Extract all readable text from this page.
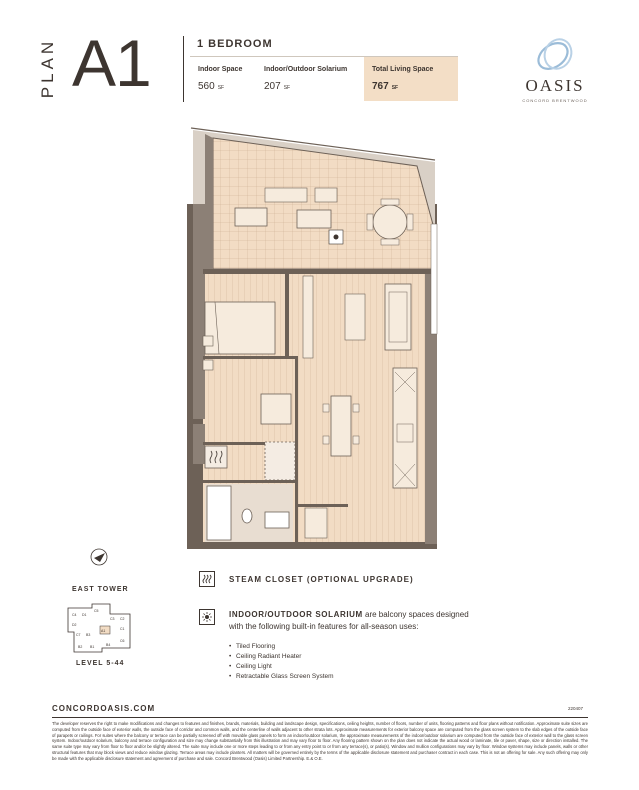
PLAN A1	1 BEDROOM
Indoor Space
560 SF
Indoor/Outdoor Solarium
207 SF
Total Living Space
767 SF	OASIS
CONCORD BRENTWOOD
EAST TOWER
C4 D1
C5
C3 C2
D2
C1
C7 B3
B2	B4
B1
C6
A1
LEVEL 5-44
STEAM CLOSET (OPTIONAL UPGRADE)
INDOOR/OUTDOOR SOLARIUM are balcony spaces designed with the following built-in features for all-season uses:
• Tiled Flooring
• Ceiling Radiant Heater
• Ceiling Light
• Retractable Glass Screen System
CONCORDOASIS.COM	220407
The developer reserves the right to make modifications and changes to features and finishes, brands, materials, building and landscape design, specifications, ceiling heights, number of floors, number of units, flooring patterns and floor plans without notification. Approximate suite sizes are computed from the outside face of exterior walls, the outside face of corridor and common walls, and the centerline of walls adjacent to other strata lots. Approximate measurements for exterior balcony space are computed from the glass screen system to the slab edges of the outside face of parapets or railings. For suites where the balcony or terrace can be partially screened off with movable glass panels to form an indoor/outdoor solarium, the approximate measurements of the indoor/outdoor solarium are computed from the outside face of exterior wall to the glass screen system. Indoor/outdoor solarium, balcony and terrace configuration and size may change substantially from this illustration and may vary floor to floor. Any flooring pattern shown on the plan does not indicate the actual wood or laminate, tile or paver, shape, size or direction installed. The same suite type may vary from floor to floor and/or be slightly altered. The suite may include one or more steps leading to or from any entry point to or from any terrace(s), or patio(s). Window and mullion configurations may vary by floor. Window systems may include panels, walls or other structural features that may block views and reduce window glazing. Terrace areas may include planters. All matters will be governed entirely by the terms of the applicable disclosure statement and purchaser contract in each case. This is not an offering for sale. Any such offering may only be made with the applicable disclosure statement and agreement of purchase and sale. Concord Brentwood (Oasis) Limited Partnership. E.& O.E.
